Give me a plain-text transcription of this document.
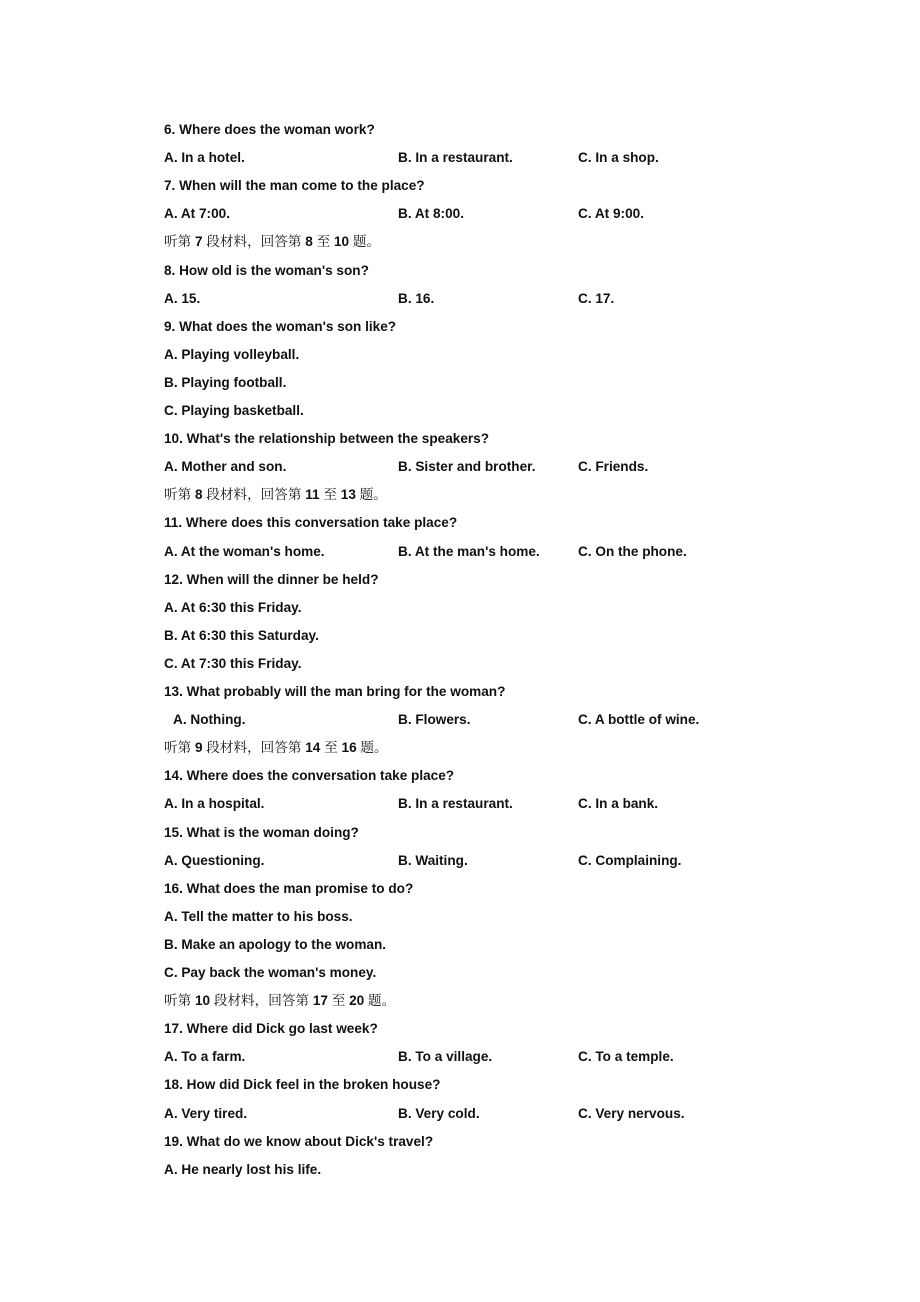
6. Where does the woman work?
A. In a hotel.	B. In a restaurant.	C. In a shop.
7. When will the man come to the place?
A. At 7:00.	B. At 8:00.	C. At 9:00.
听第 7 段材料，回答第 8 至 10 题。
8. How old is the woman's son?
A. 15.	B. 16.	C. 17.
9. What does the woman's son like?
A. Playing volleyball.
B. Playing football.
C. Playing basketball.
10. What's the relationship between the speakers?
A. Mother and son.	B. Sister and brother.	C. Friends.
听第 8 段材料，回答第 11 至 13 题。
11. Where does this conversation take place?
A. At the woman's home.	B. At the man's home.	C. On the phone.
12. When will the dinner be held?
A. At 6:30 this Friday.
B. At 6:30 this Saturday.
C. At 7:30 this Friday.
13. What probably will the man bring for the woman?
A. Nothing.	B. Flowers.	C. A bottle of wine.
听第 9 段材料，回答第 14 至 16 题。
14. Where does the conversation take place?
A. In a hospital.	B. In a restaurant.	C. In a bank.
15. What is the woman doing?
A. Questioning.	B. Waiting.	C. Complaining.
16. What does the man promise to do?
A. Tell the matter to his boss.
B. Make an apology to the woman.
C. Pay back the woman's money.
听第 10 段材料，回答第 17 至 20 题。
17. Where did Dick go last week?
A. To a farm.	B. To a village.	C. To a temple.
18. How did Dick feel in the broken house?
A. Very tired.	B. Very cold.	C. Very nervous.
19. What do we know about Dick's travel?
A. He nearly lost his life.
